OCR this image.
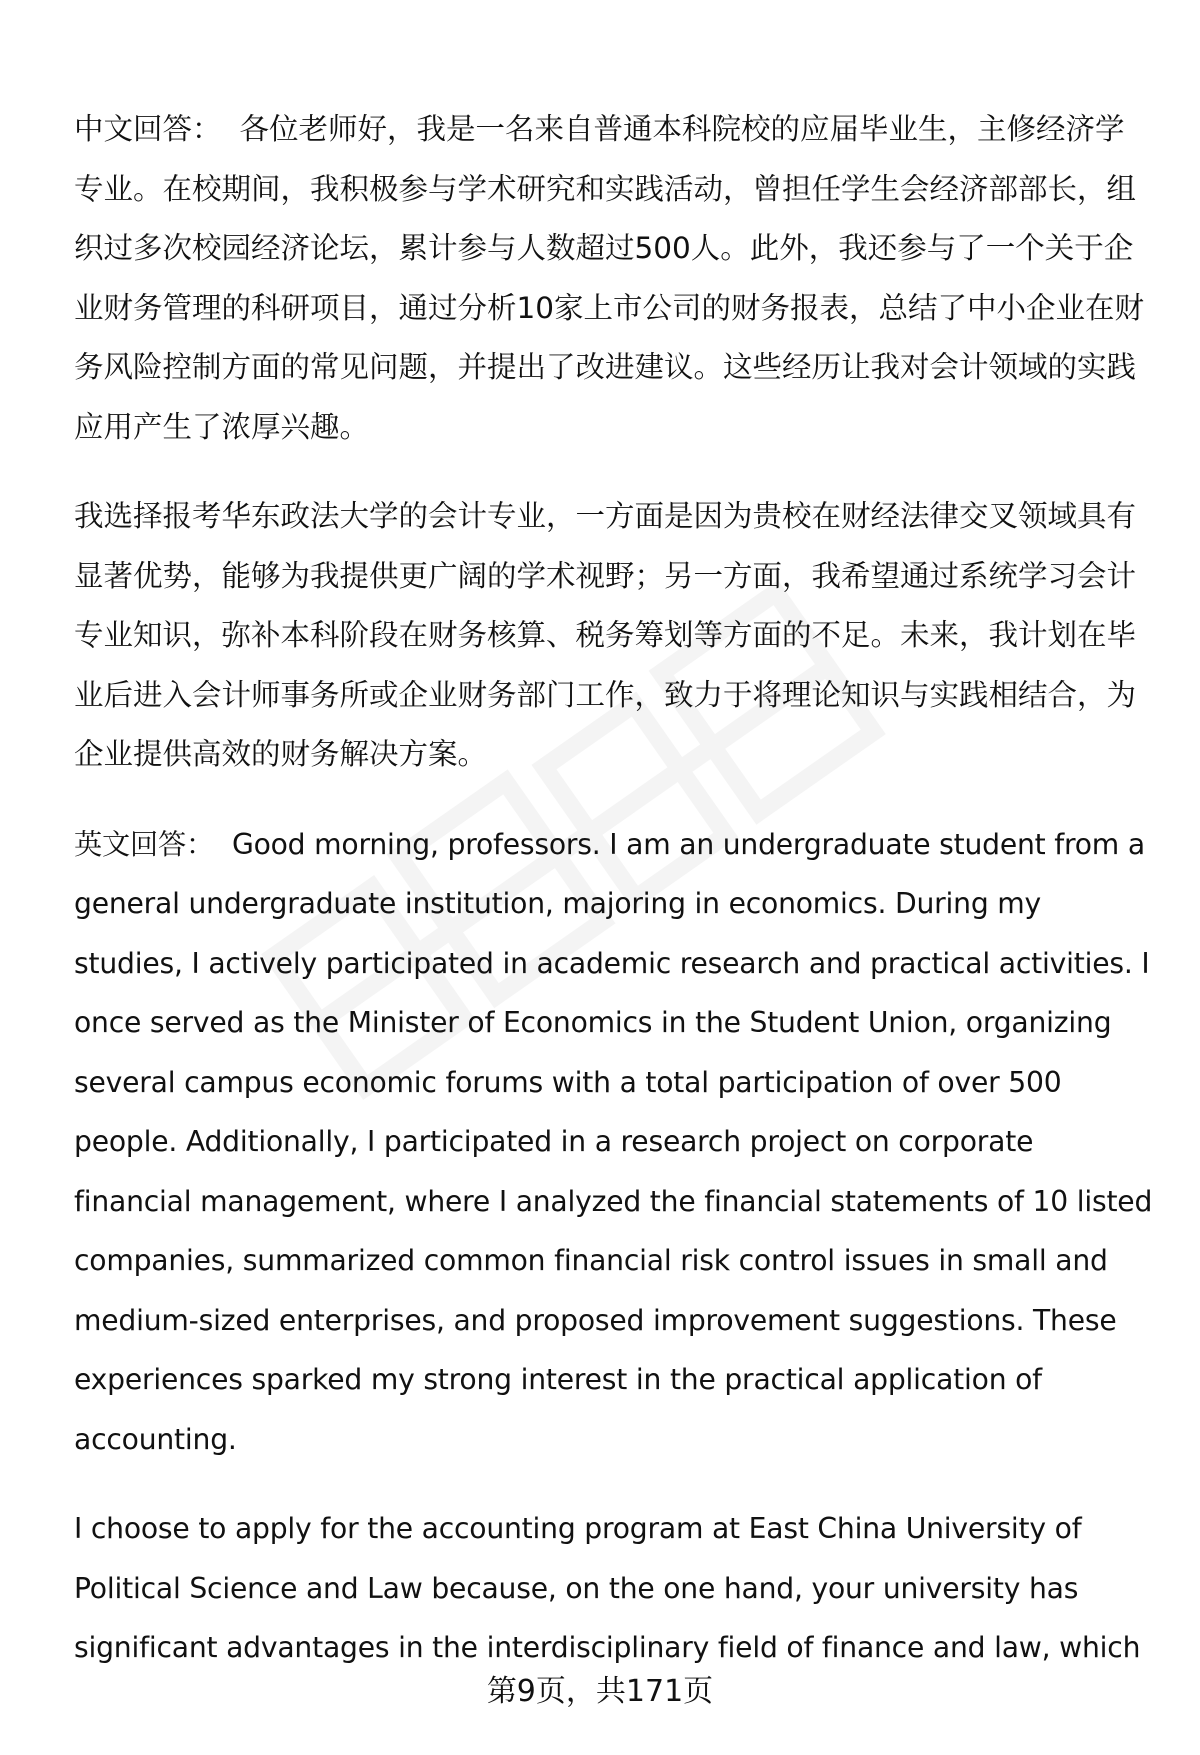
中文回答： 各位老师好，我是一名来自普通本科院校的应届毕业生，主修经济学专业。在校期间，我积极参与学术研究和实践活动，曾担任学生会经济部部长，组织过多次校园经济论坛，累计参与人数超过500人。此外，我还参与了一个关于企业财务管理的科研项目，通过分析10家上市公司的财务报表，总结了中小企业在财务风险控制方面的常见问题，并提出了改进建议。这些经历让我对会计领域的实践应用产生了浓厚兴趣。

我选择报考华东政法大学的会计专业，一方面是因为贵校在财经法律交叉领域具有显著优势，能够为我提供更广阔的学术视野；另一方面，我希望通过系统学习会计专业知识，弥补本科阶段在财务核算、税务筹划等方面的不足。未来，我计划在毕业后进入会计师事务所或企业财务部门工作，致力于将理论知识与实践相结合，为企业提供高效的财务解决方案。

英文回答： Good morning, professors. I am an undergraduate student from a general undergraduate institution, majoring in economics. During my studies, I actively participated in academic research and practical activities. I once served as the Minister of Economics in the Student Union, organizing several campus economic forums with a total participation of over 500 people. Additionally, I participated in a research project on corporate financial management, where I analyzed the financial statements of 10 listed companies, summarized common financial risk control issues in small and medium-sized enterprises, and proposed improvement suggestions. These experiences sparked my strong interest in the practical application of accounting.

I choose to apply for the accounting program at East China University of Political Science and Law because, on the one hand, your university has significant advantages in the interdisciplinary field of finance and law, which

第9页，共171页
